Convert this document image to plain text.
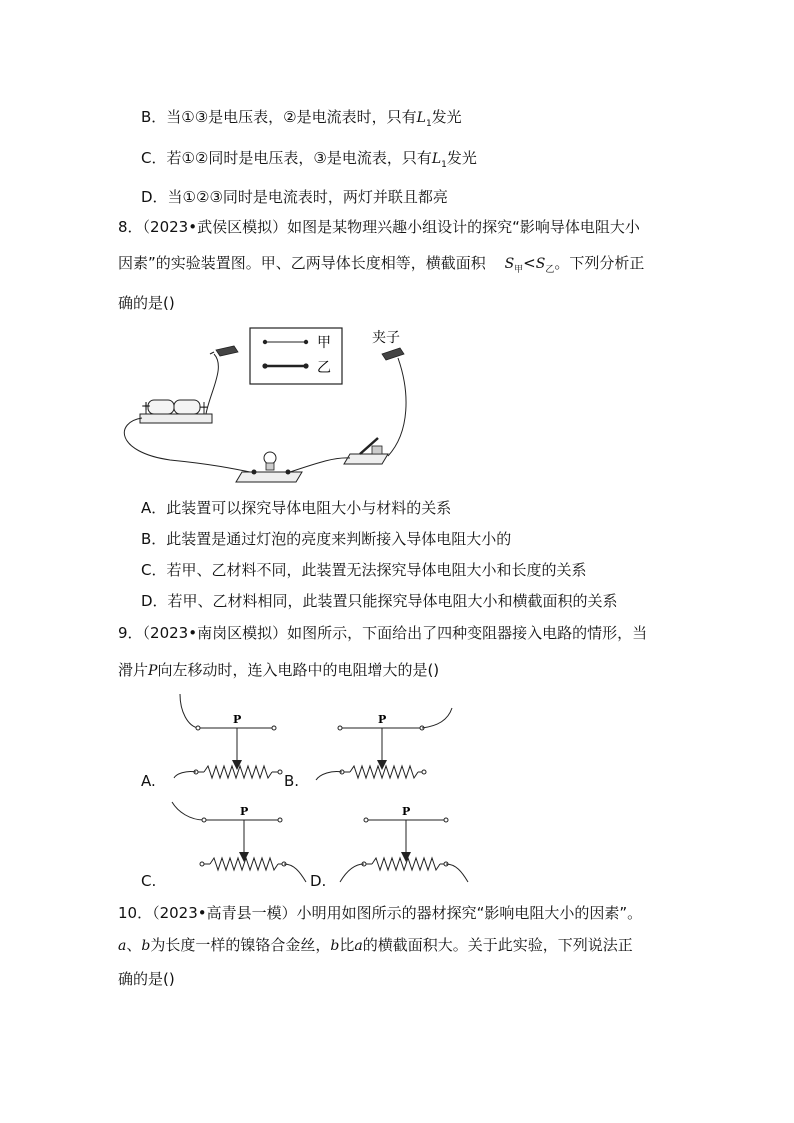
B．当①③是电压表，②是电流表时，只有$L_1$发光
C．若①②同时是电压表，③是电流表，只有$L_1$发光
D．当①②③同时是电流表时，两灯并联且都亮
8．（2023•武侯区模拟）如图是某物理兴趣小组设计的探究“影响导体电阻大小
因素”的实验装置图。甲、乙两导体长度相等，横截面积 $S_甲<S_乙$。下列分析正
确的是()
甲
乙
夹子
+	−
A．此装置可以探究导体电阻大小与材料的关系
B．此装置是通过灯泡的亮度来判断接入导体电阻大小的
C．若甲、乙材料不同，此装置无法探究导体电阻大小和长度的关系
D．若甲、乙材料相同，此装置只能探究导体电阻大小和横截面积的关系
9．（2023•南岗区模拟）如图所示，下面给出了四种变阻器接入电路的情形，当
滑片P向左移动时，连入电路中的电阻增大的是()
P
A.
P
B.
P
C.
P
D.
10．（2023•高青县一模）小明用如图所示的器材探究“影响电阻大小的因素”。
a、b为长度一样的镍铬合金丝，b比a的横截面积大。关于此实验，下列说法正
确的是()
